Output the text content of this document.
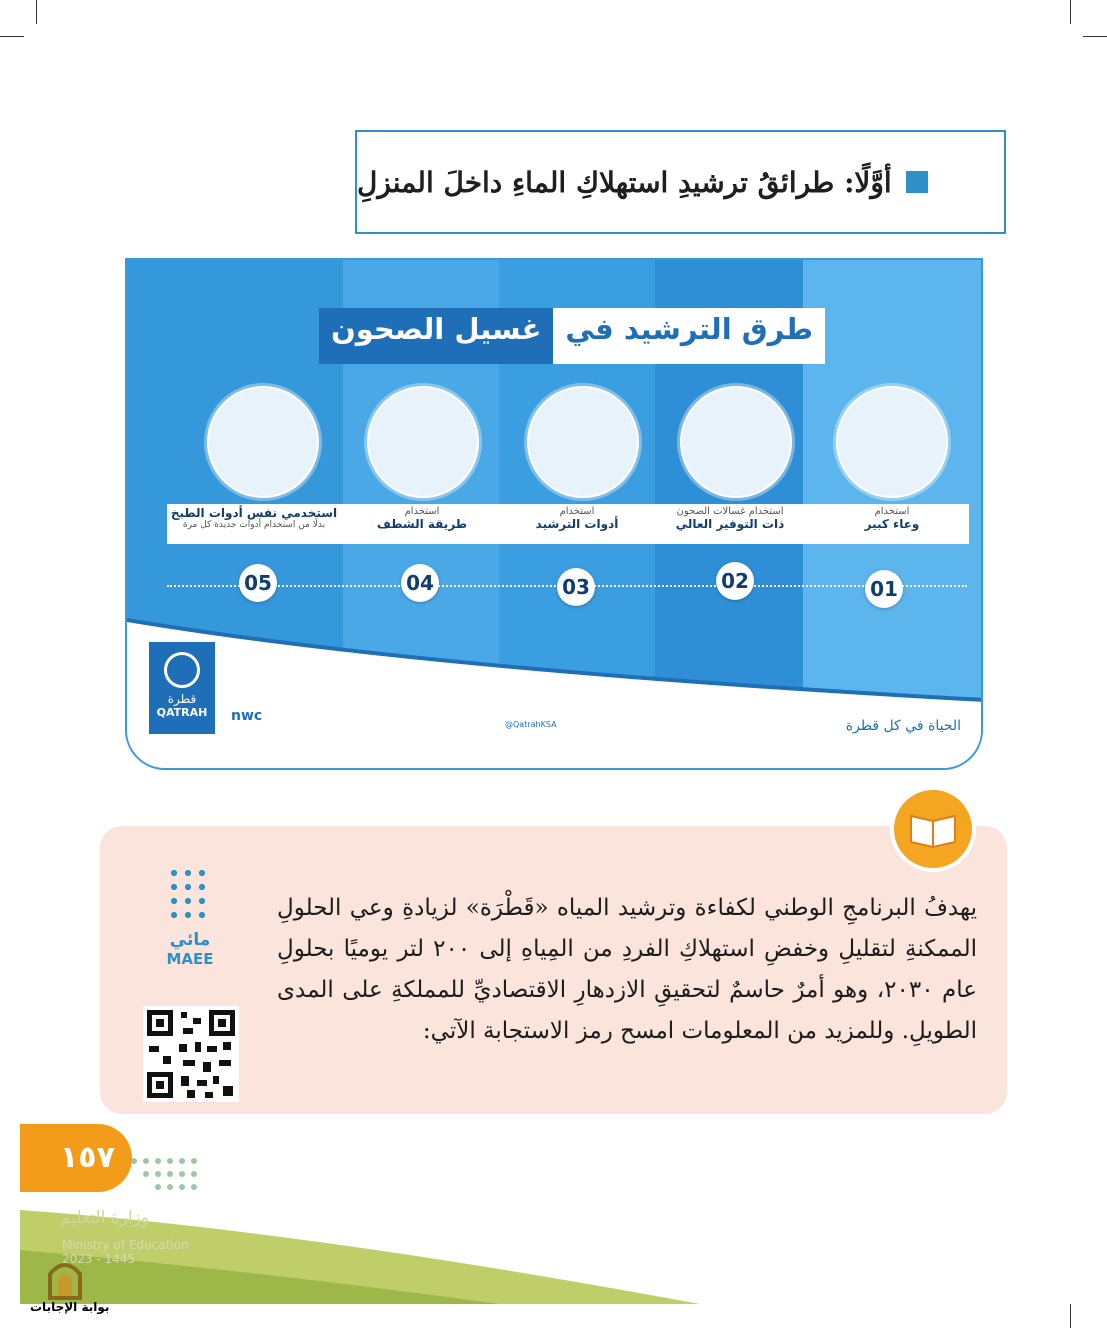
أوَّلًا: طرائقُ ترشيدِ استهلاكِ الماءِ داخلَ المنزلِ
طرق الترشيد في
غسيل الصحون
استخدام
وعاء كبير
استخدام غسالات الصحون
ذات التوفير العالي
استخدام
أدوات الترشيد
استخدام
طريقة الشطف
استخدمي نفس أدوات الطبخ
بدلًا من استخدام أدوات جديدة كل مرة
01
02
03
04
05
الحياة في كل قطرة
@QatrahKSA
قطرة
QATRAH	nwc
يهدفُ البرنامجِ الوطني لكفاءة وترشيد المياه «قَطْرَة» لزيادةِ وعي الحلولِ الممكنةِ لتقليلِ وخفضِ استهلاكِ الفردِ من المِياهِ إلى ٢٠٠ لتر يوميًا بحلولِ عام ٢٠٣٠، وهو أمرٌ حاسمٌ لتحقيقِ الازدهارِ الاقتصاديِّ للمملكةِ على المدى الطويلِ. وللمزيد من المعلومات امسح رمز الاستجابة الآتي:
مائي
MAEE
١٥٧
وزارة التعليم
Ministry of Education
2023 - 1445
بوابة الإجابات
